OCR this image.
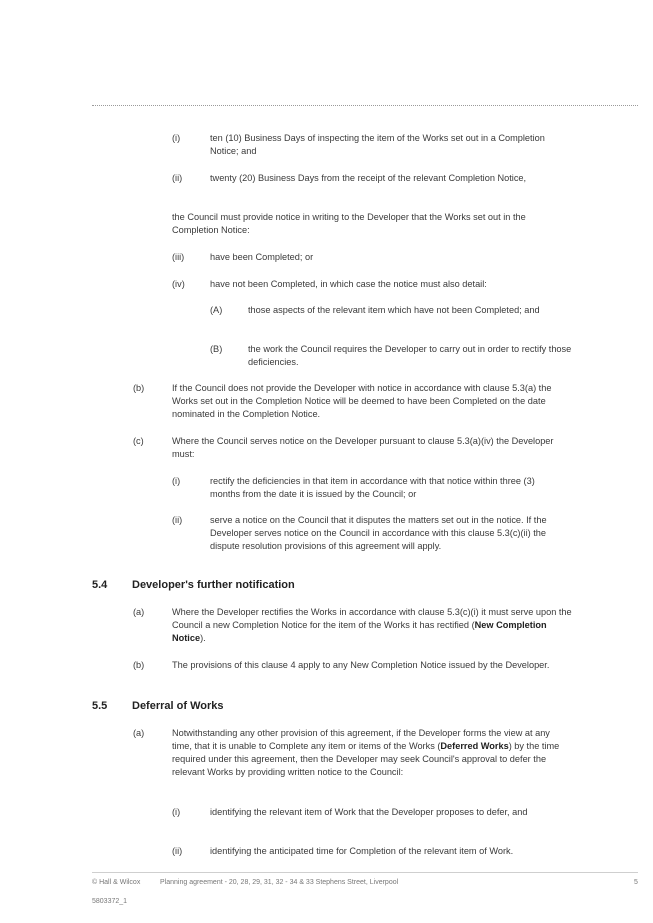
(i)	ten (10) Business Days of inspecting the item of the Works set out in a Completion Notice; and
(ii)	twenty (20) Business Days from the receipt of the relevant Completion Notice,
the Council must provide notice in writing to the Developer that the Works set out in the Completion Notice:
(iii)	have been Completed; or
(iv)	have not been Completed, in which case the notice must also detail:
(A)	those aspects of the relevant item which have not been Completed; and
(B)	the work the Council requires the Developer to carry out in order to rectify those deficiencies.
(b)	If the Council does not provide the Developer with notice in accordance with clause 5.3(a) the Works set out in the Completion Notice will be deemed to have been Completed on the date nominated in the Completion Notice.
(c)	Where the Council serves notice on the Developer pursuant to clause 5.3(a)(iv) the Developer must:
(i)	rectify the deficiencies in that item in accordance with that notice within three (3) months from the date it is issued by the Council; or
(ii)	serve a notice on the Council that it disputes the matters set out in the notice. If the Developer serves notice on the Council in accordance with this clause 5.3(c)(ii) the dispute resolution provisions of this agreement will apply.
5.4 Developer's further notification
(a)	Where the Developer rectifies the Works in accordance with clause 5.3(c)(i) it must serve upon the Council a new Completion Notice for the item of the Works it has rectified (New Completion Notice).
(b)	The provisions of this clause 4 apply to any New Completion Notice issued by the Developer.
5.5 Deferral of Works
(a)	Notwithstanding any other provision of this agreement, if the Developer forms the view at any time, that it is unable to Complete any item or items of the Works (Deferred Works) by the time required under this agreement, then the Developer may seek Council's approval to defer the relevant Works by providing written notice to the Council:
(i)	identifying the relevant item of Work that the Developer proposes to defer, and
(ii)	identifying the anticipated time for Completion of the relevant item of Work.
© Hall & Wilcox	Planning agreement - 20, 28, 29, 31, 32 - 34 & 33 Stephens Street, Liverpool	5
5803372_1
